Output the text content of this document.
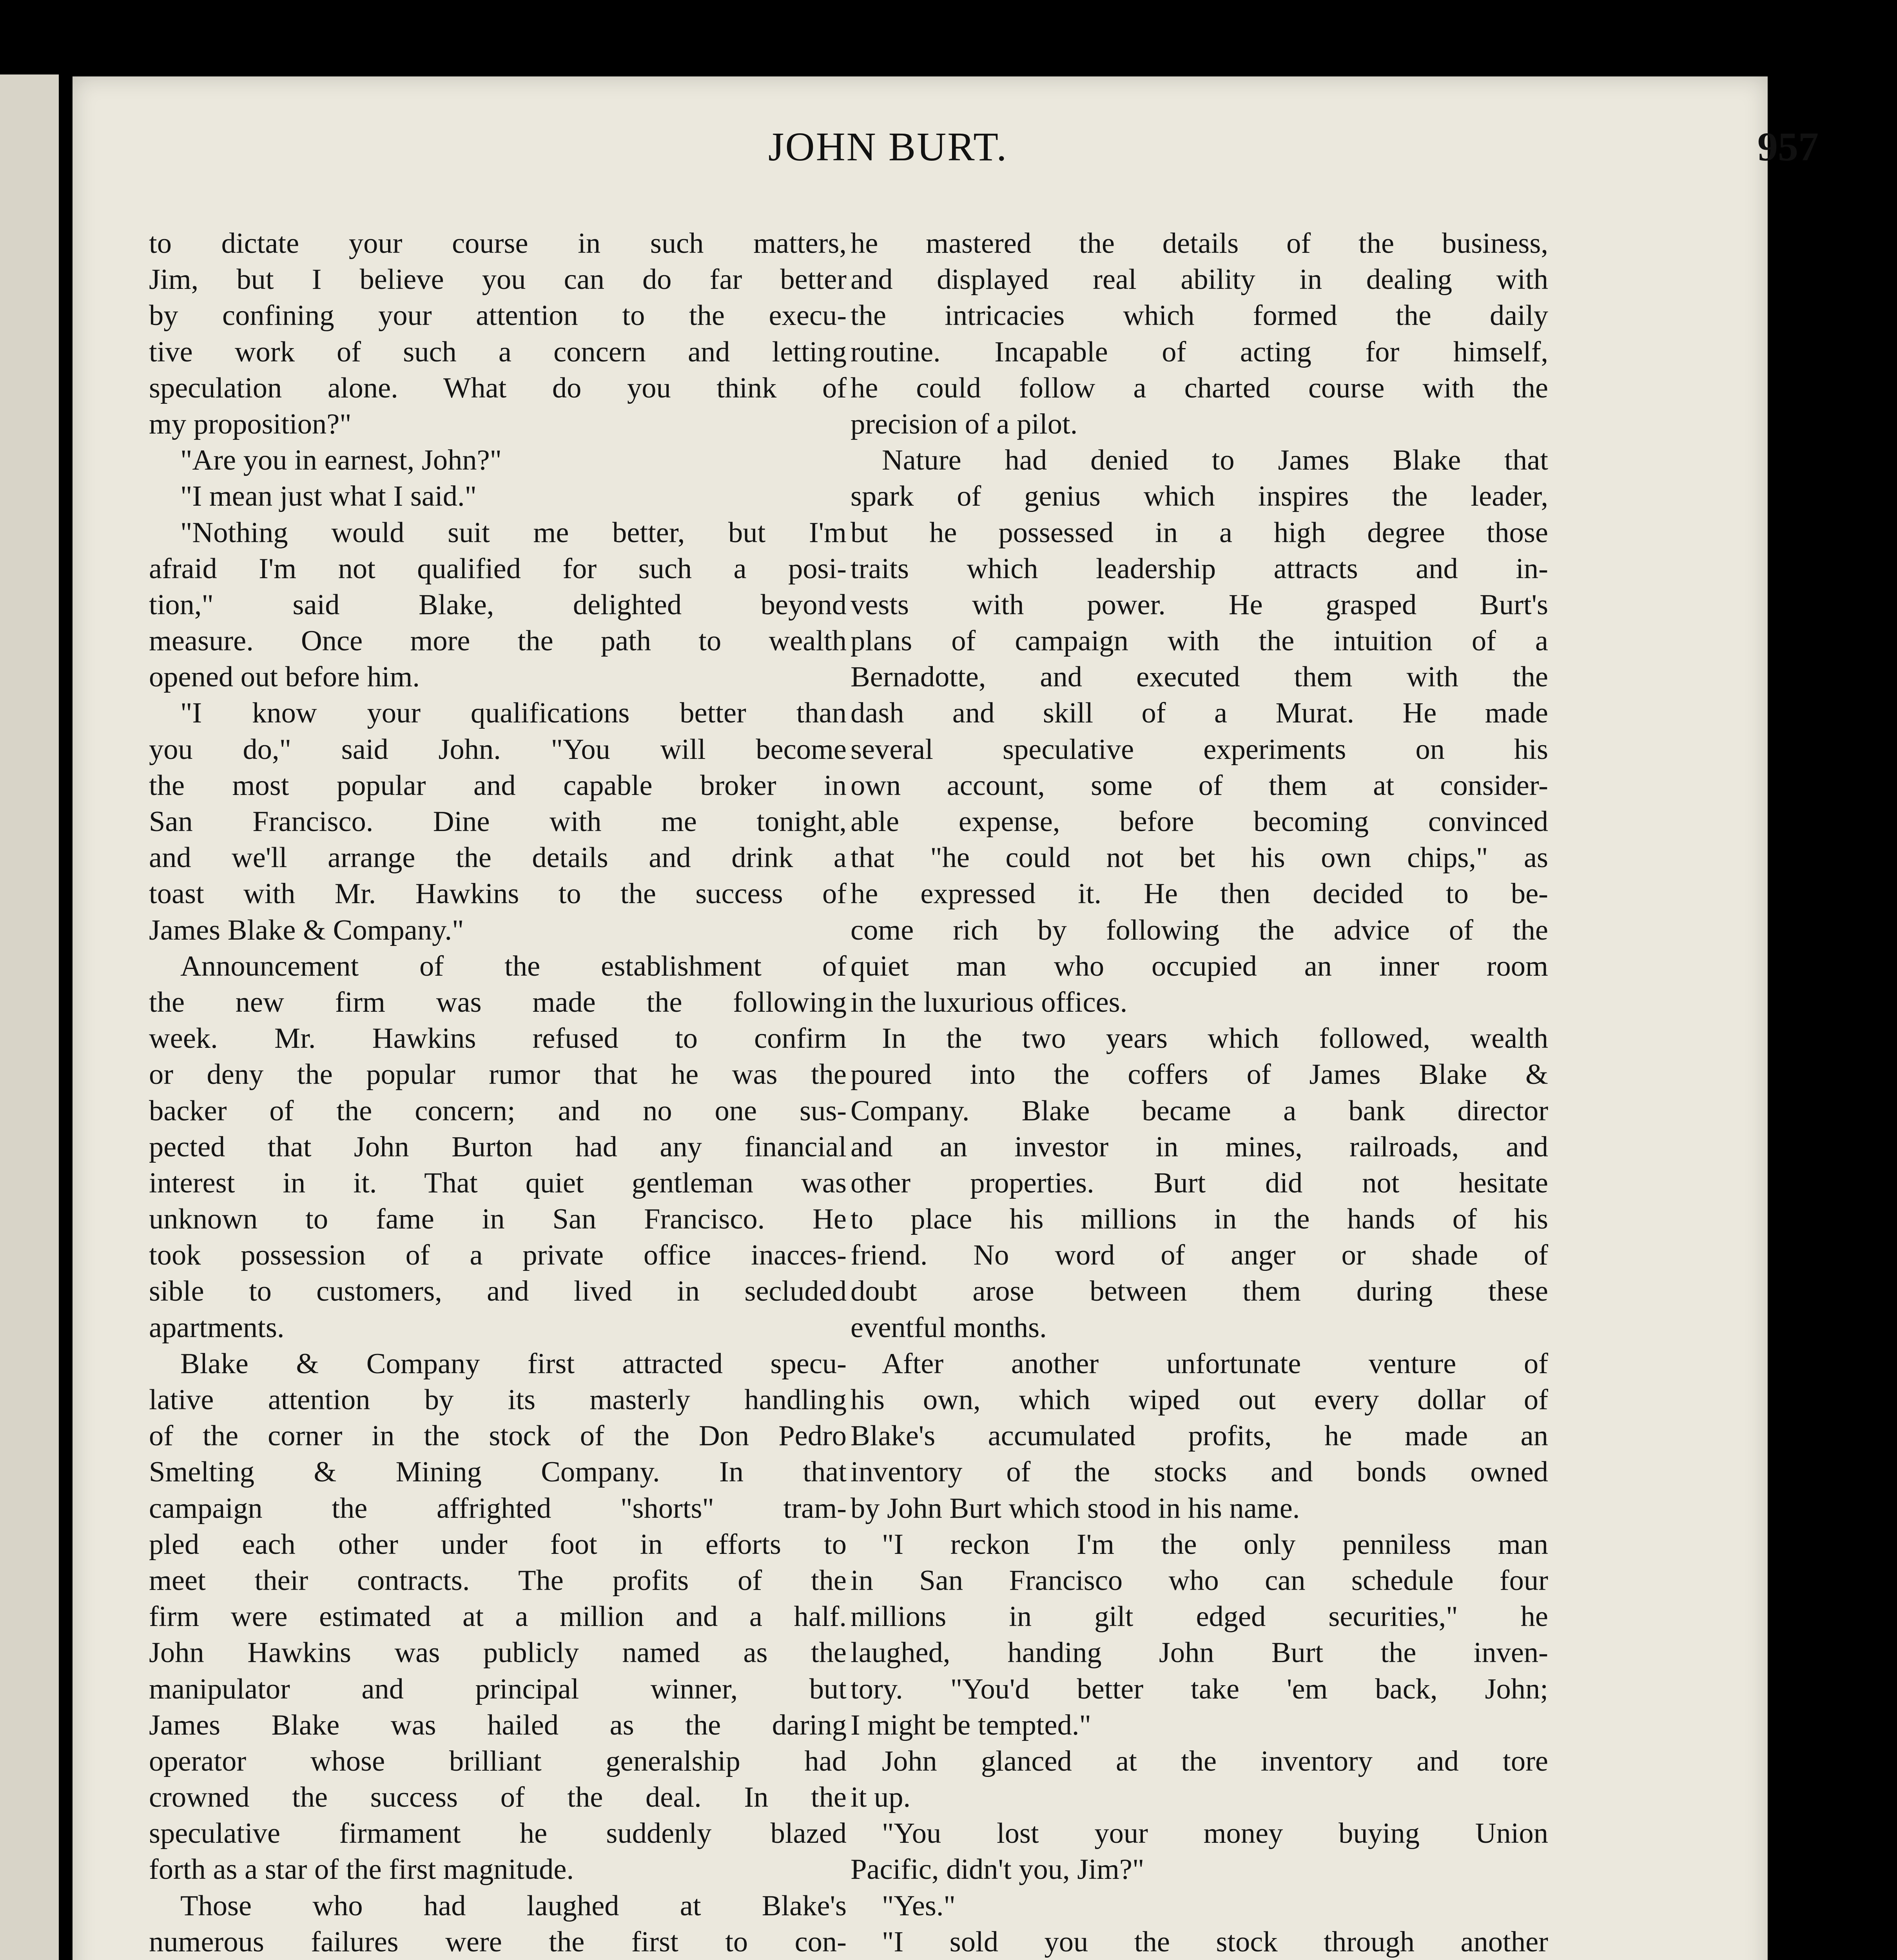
JOHN BURT.	957
to dictate your course in such matters,
Jim, but I believe you can do far better
by confining your attention to the execu-
tive work of such a concern and letting
speculation alone. What do you think of
my proposition?"
"Are you in earnest, John?"
"I mean just what I said."
"Nothing would suit me better, but I'm
afraid I'm not qualified for such a posi-
tion," said Blake, delighted beyond
measure. Once more the path to wealth
opened out before him.
"I know your qualifications better than
you do," said John. "You will become
the most popular and capable broker in
San Francisco. Dine with me tonight,
and we'll arrange the details and drink a
toast with Mr. Hawkins to the success of
James Blake & Company."
Announcement of the establishment of
the new firm was made the following
week. Mr. Hawkins refused to confirm
or deny the popular rumor that he was the
backer of the concern; and no one sus-
pected that John Burton had any financial
interest in it. That quiet gentleman was
unknown to fame in San Francisco. He
took possession of a private office inacces-
sible to customers, and lived in secluded
apartments.
Blake & Company first attracted specu-
lative attention by its masterly handling
of the corner in the stock of the Don Pedro
Smelting & Mining Company. In that
campaign the affrighted "shorts" tram-
pled each other under foot in efforts to
meet their contracts. The profits of the
firm were estimated at a million and a half.
John Hawkins was publicly named as the
manipulator and principal winner, but
James Blake was hailed as the daring
operator whose brilliant generalship had
crowned the success of the deal. In the
speculative firmament he suddenly blazed
forth as a star of the first magnitude.
Those who had laughed at Blake's
numerous failures were the first to con-
he mastered the details of the business,
and displayed real ability in dealing with
the intricacies which formed the daily
routine. Incapable of acting for himself,
he could follow a charted course with the
precision of a pilot.
Nature had denied to James Blake that
spark of genius which inspires the leader,
but he possessed in a high degree those
traits which leadership attracts and in-
vests with power. He grasped Burt's
plans of campaign with the intuition of a
Bernadotte, and executed them with the
dash and skill of a Murat. He made
several speculative experiments on his
own account, some of them at consider-
able expense, before becoming convinced
that "he could not bet his own chips," as
he expressed it. He then decided to be-
come rich by following the advice of the
quiet man who occupied an inner room
in the luxurious offices.
In the two years which followed, wealth
poured into the coffers of James Blake &
Company. Blake became a bank director
and an investor in mines, railroads, and
other properties. Burt did not hesitate
to place his millions in the hands of his
friend. No word of anger or shade of
doubt arose between them during these
eventful months.
After another unfortunate venture of
his own, which wiped out every dollar of
Blake's accumulated profits, he made an
inventory of the stocks and bonds owned
by John Burt which stood in his name.
"I reckon I'm the only penniless man
in San Francisco who can schedule four
millions in gilt edged securities," he
laughed, handing John Burt the inven-
tory. "You'd better take 'em back, John;
I might be tempted."
John glanced at the inventory and tore
it up.
"You lost your money buying Union
Pacific, didn't you, Jim?"
"Yes."
"I sold you the stock through another
